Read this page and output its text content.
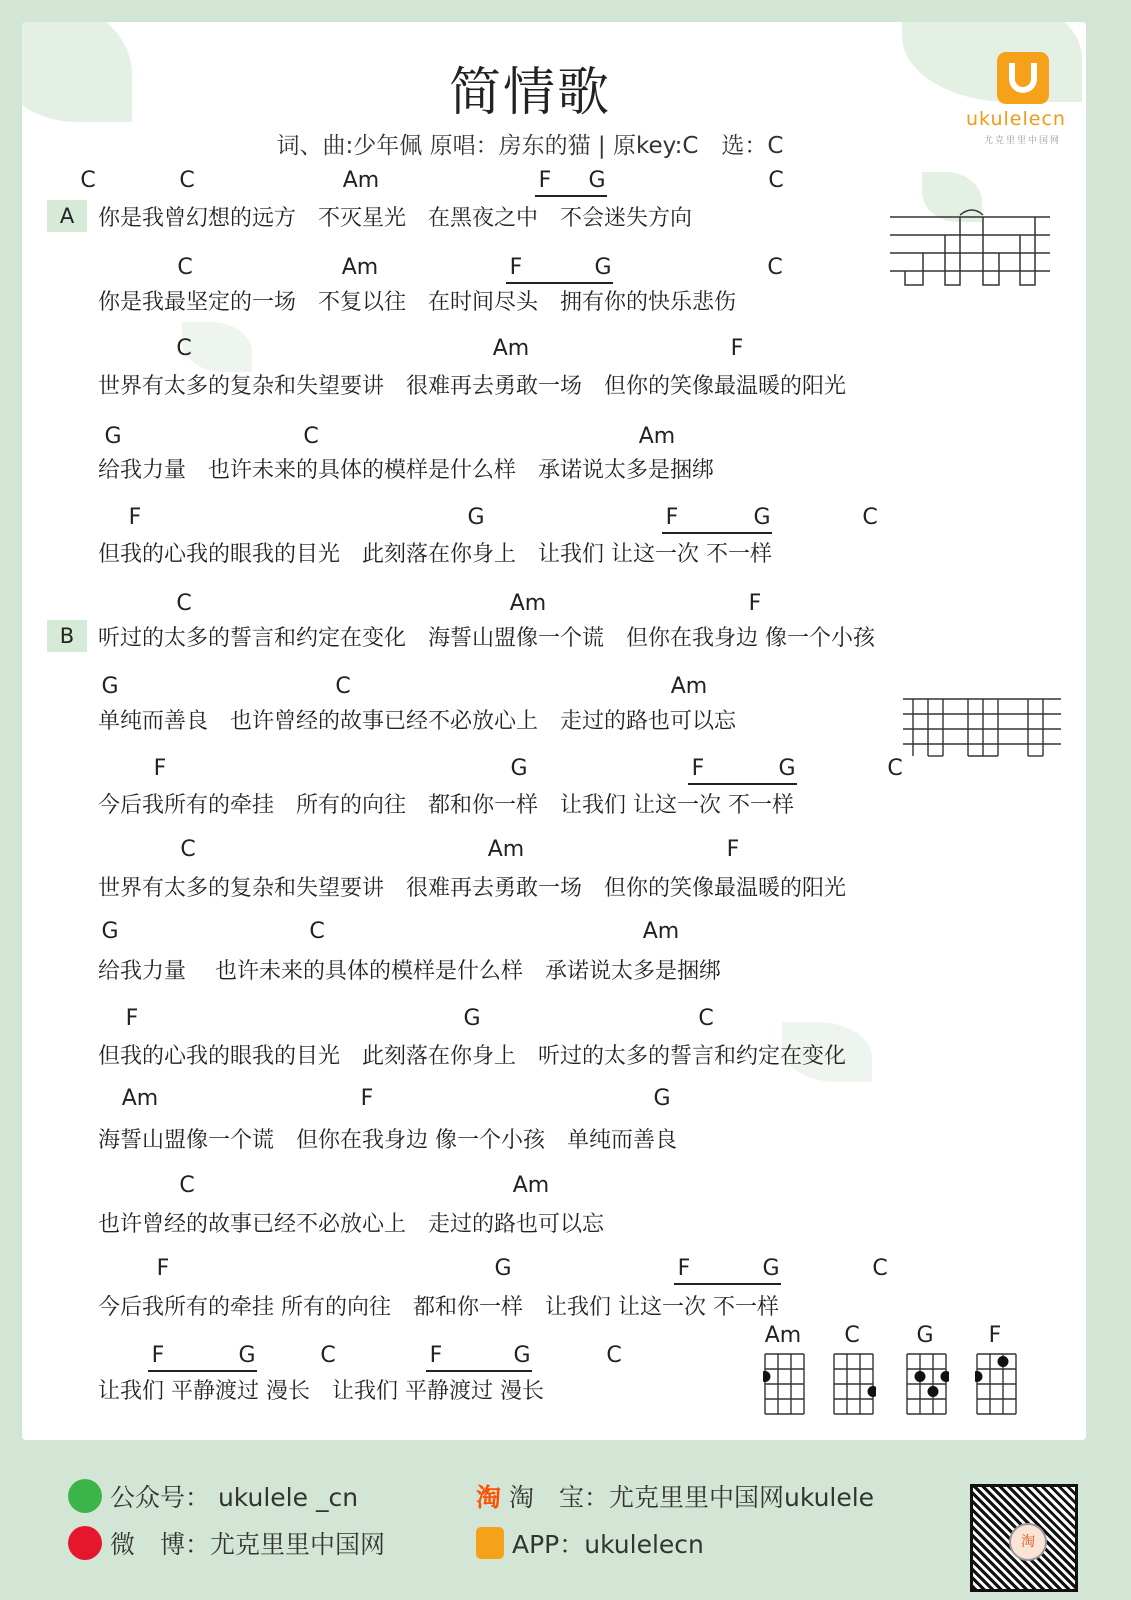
简情歌
词、曲:少年佩 原唱：房东的猫 | 原key:C　选：C
ukulelecn
尤克里里中国网
A
B
C	C	Am	F G	C
你是我曾幻想的远方　不灭星光　在黑夜之中　不会迷失方向
C	Am	F	G	C
你是我最坚定的一场　不复以往　在时间尽头　拥有你的快乐悲伤
C	Am	F
世界有太多的复杂和失望要讲　很难再去勇敢一场　但你的笑像最温暖的阳光
G	C	Am
给我力量　也许未来的具体的模样是什么样　承诺说太多是捆绑
F	G	F	G	C
但我的心我的眼我的目光　此刻落在你身上　让我们 让这一次 不一样
C	Am	F
听过的太多的誓言和约定在变化　海誓山盟像一个谎　但你在我身边 像一个小孩
G	C	Am
单纯而善良　也许曾经的故事已经不必放心上　走过的路也可以忘
F	G	F	G	C
今后我所有的牵挂　所有的向往　都和你一样　让我们 让这一次 不一样
C	Am	F
世界有太多的复杂和失望要讲　很难再去勇敢一场　但你的笑像最温暖的阳光
G	C	Am
给我力量　 也许未来的具体的模样是什么样　承诺说太多是捆绑
F	G	C
但我的心我的眼我的目光　此刻落在你身上　听过的太多的誓言和约定在变化
Am	F	G
海誓山盟像一个谎　但你在我身边 像一个小孩　单纯而善良
C	Am
也许曾经的故事已经不必放心上　走过的路也可以忘
F	G	F	G	C
今后我所有的牵挂 所有的向往　都和你一样　让我们 让这一次 不一样
F	G	C	F	G	C
让我们 平静渡过 漫长　让我们 平静渡过 漫长
Am C	G	F
公众号： ukulele _cn
微　博：尤克里里中国网
淘 淘　宝：尤克里里中国网ukulele
APP：ukulelecn	淘
